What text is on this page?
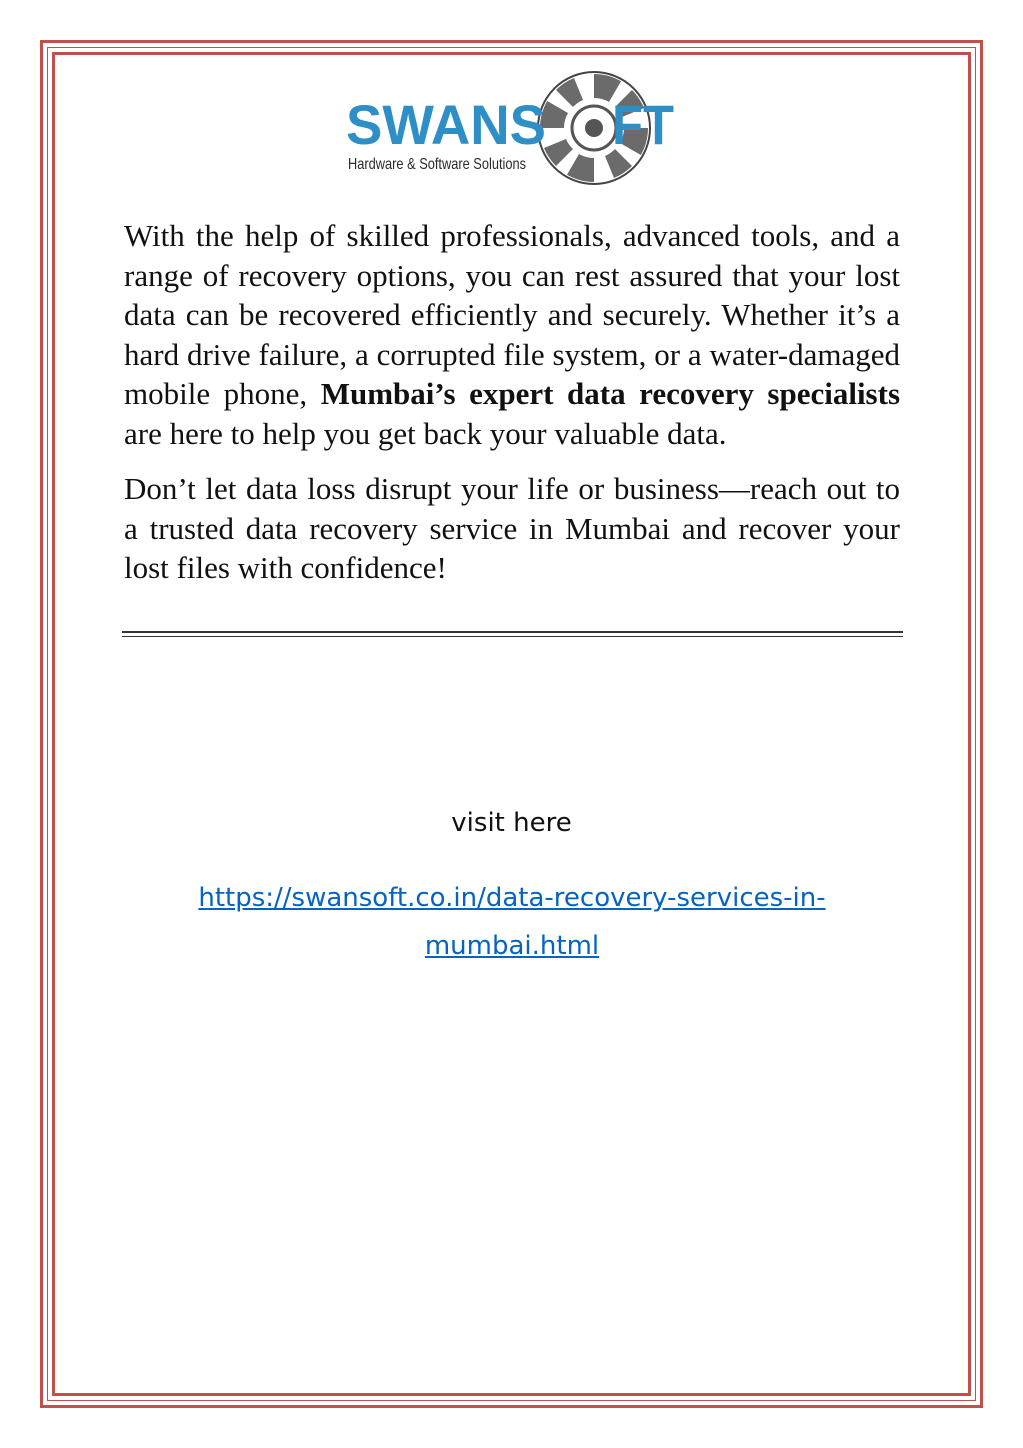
SWANS FT
Hardware & Software Solutions

With the help of skilled professionals, advanced tools, and a range of recovery options, you can rest assured that your lost data can be recovered efficiently and securely. Whether it’s a hard drive failure, a corrupted file system, or a water-damaged mobile phone, Mumbai’s expert data recovery specialists are here to help you get back your valuable data.

Don’t let data loss disrupt your life or business—reach out to a trusted data recovery service in Mumbai and recover your lost files with confidence!

visit here
https://swansoft.co.in/data-recovery-services-in-
mumbai.html
